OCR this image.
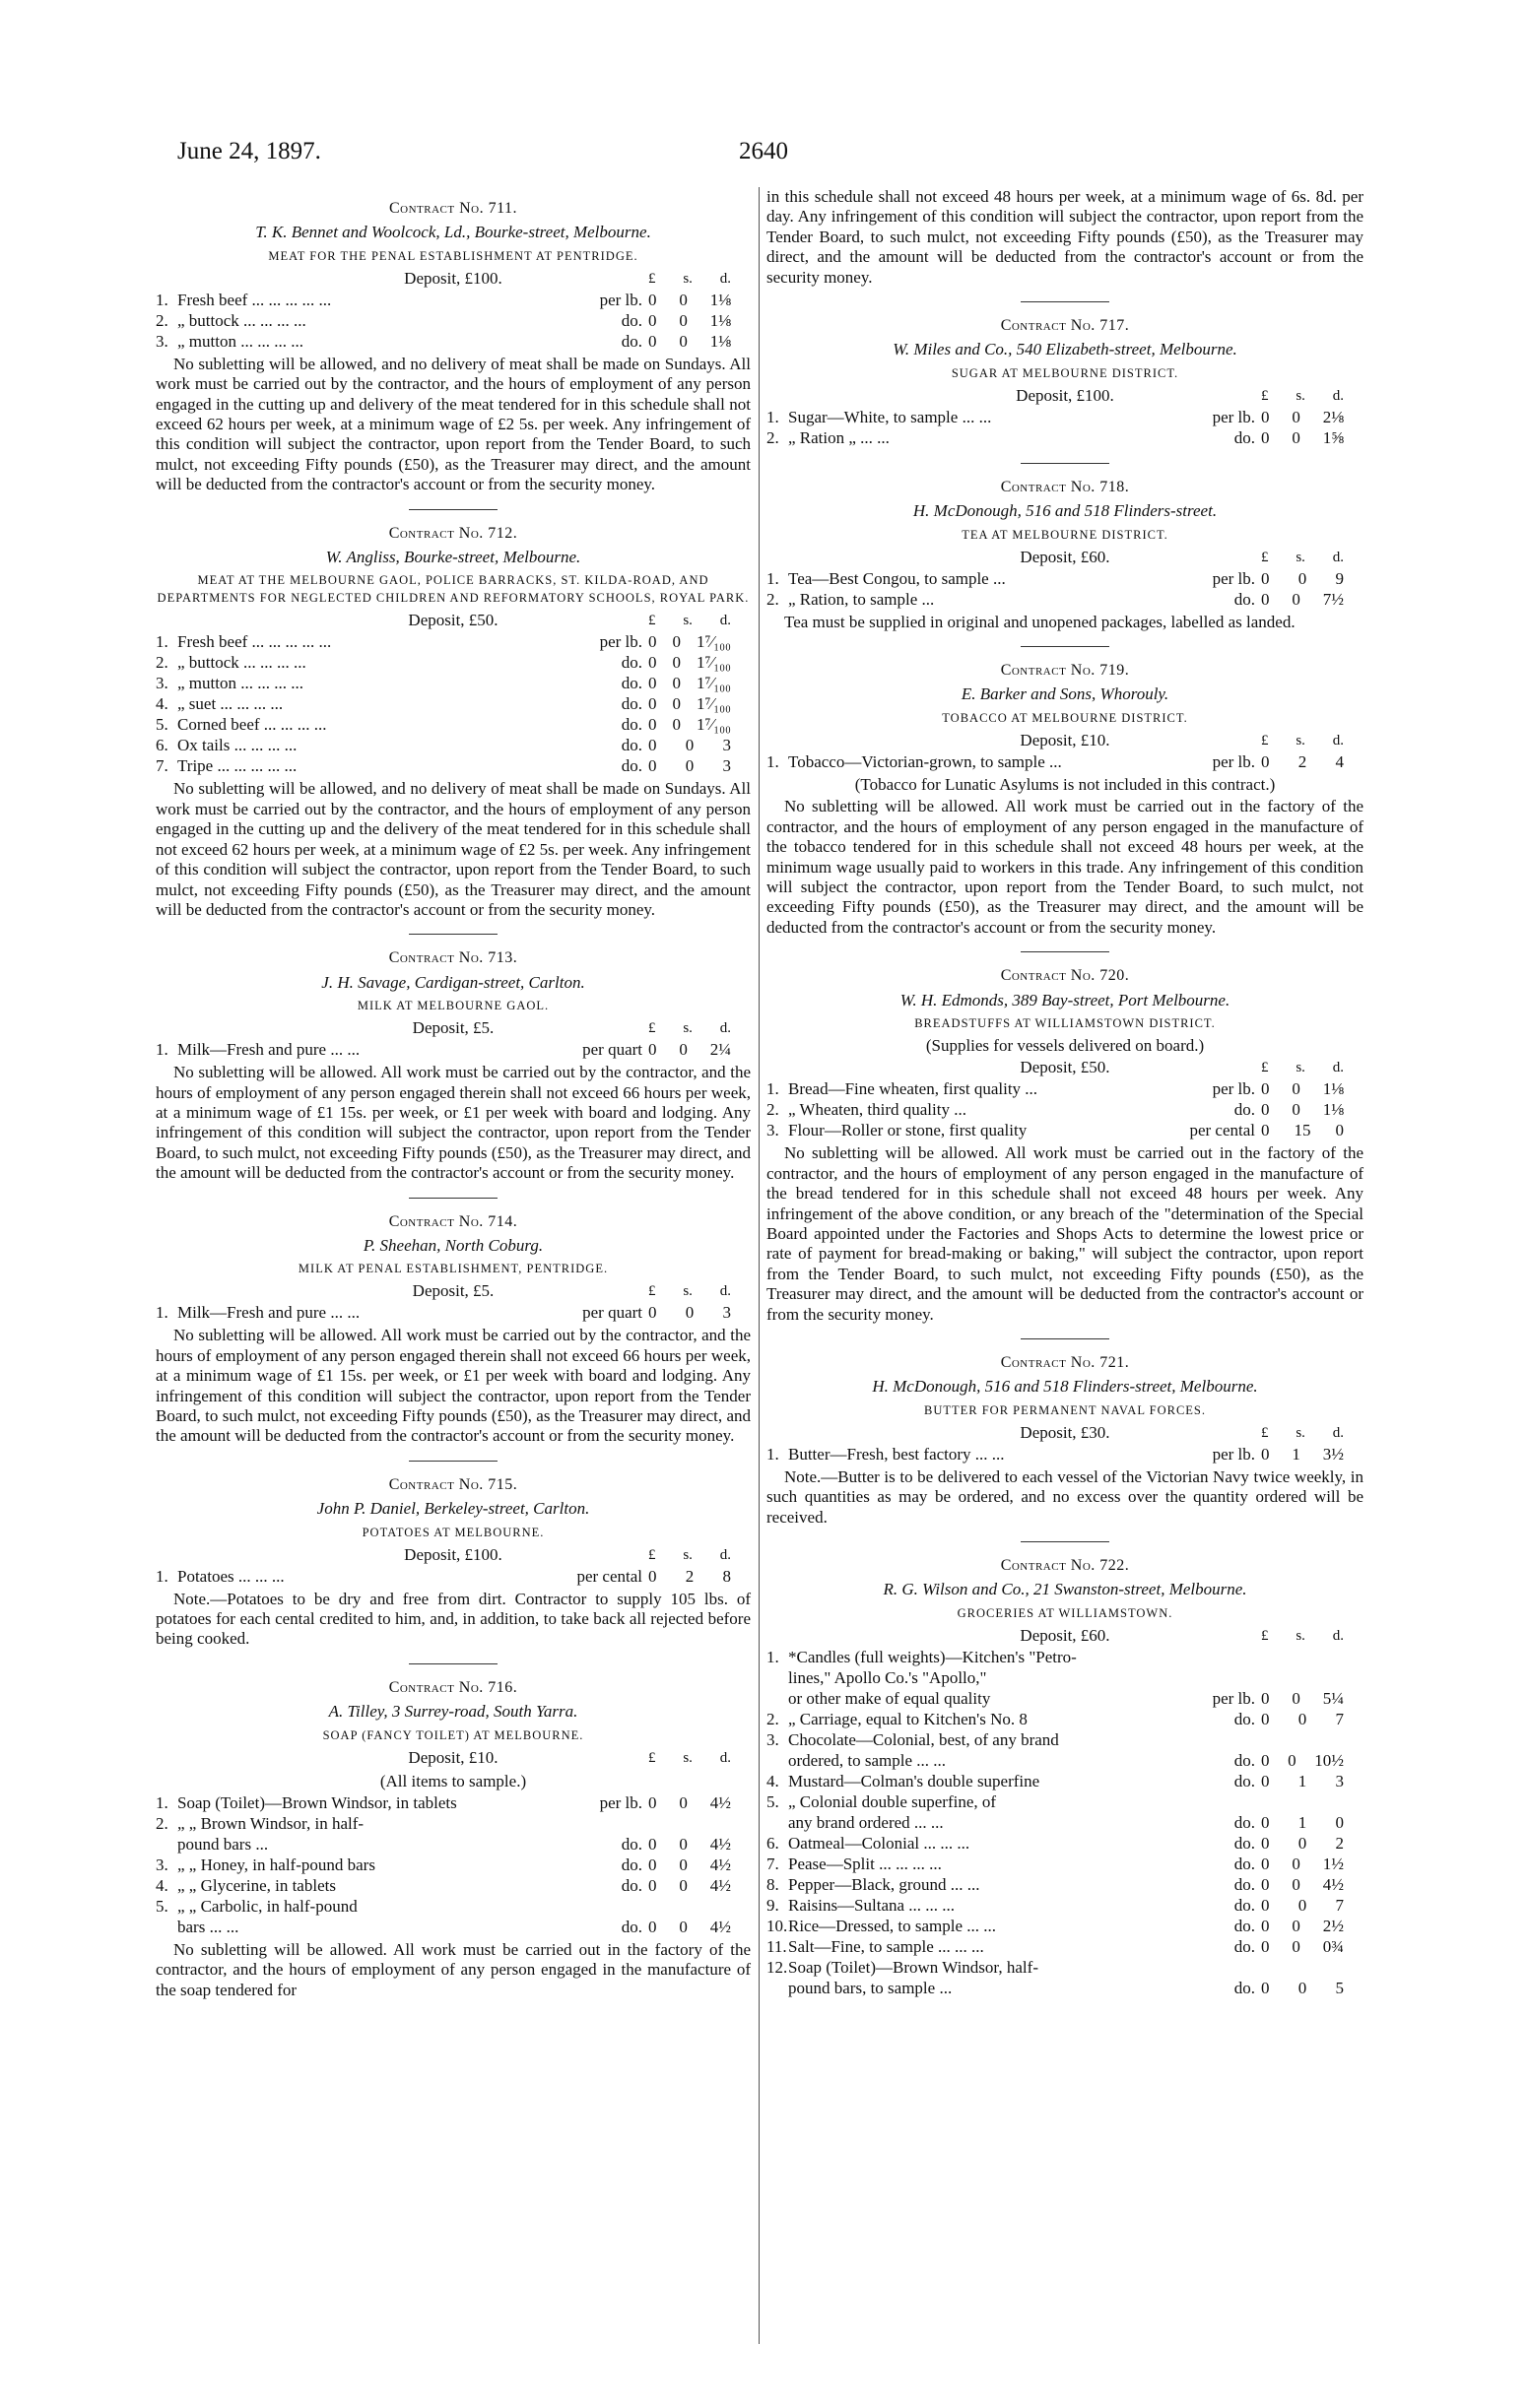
June 24, 1897.	2640
Contract No. 711.
T. K. Bennet and Woolcock, Ld., Bourke-street, Melbourne.
MEAT FOR THE PENAL ESTABLISHMENT AT PENTRIDGE.
Deposit, £100.	£ s. d.
1. Fresh beef ... ... ... ... ...	per lb. 0 0 1⅛
2. „ buttock ... ... ... ...	do. 0 0 1⅛
3. „ mutton ... ... ... ...	do. 0 0 1⅛
No subletting will be allowed, and no delivery of meat shall be made on Sundays. All work must be carried out by the contractor, and the hours of employment of any person engaged in the cutting up and delivery of the meat tendered for in this schedule shall not exceed 62 hours per week, at a minimum wage of £2 5s. per week. Any infringement of this condition will subject the contractor, upon report from the Tender Board, to such mulct, not exceeding Fifty pounds (£50), as the Treasurer may direct, and the amount will be deducted from the contractor's account or from the security money.
Contract No. 712.
W. Angliss, Bourke-street, Melbourne.
MEAT AT THE MELBOURNE GAOL, POLICE BARRACKS, ST. KILDA-ROAD, AND DEPARTMENTS FOR NEGLECTED CHILDREN AND REFORMATORY SCHOOLS, ROYAL PARK.
Deposit, £50.	£ s. d.
1. Fresh beef ... ... ... ... ...	per lb. 0 0 1⁷⁄₁₀₀
2. „ buttock ... ... ... ...	do. 0 0 1⁷⁄₁₀₀
3. „ mutton ... ... ... ...	do. 0 0 1⁷⁄₁₀₀
4. „ suet ... ... ... ...	do. 0 0 1⁷⁄₁₀₀
5. Corned beef ... ... ... ...	do. 0 0 1⁷⁄₁₀₀
6. Ox tails ... ... ... ...	do. 0 0 3
7. Tripe ... ... ... ... ...	do. 0 0 3
No subletting will be allowed, and no delivery of meat shall be made on Sundays. All work must be carried out by the contractor, and the hours of employment of any person engaged in the cutting up and the delivery of the meat tendered for in this schedule shall not exceed 62 hours per week, at a minimum wage of £2 5s. per week. Any infringement of this condition will subject the contractor, upon report from the Tender Board, to such mulct, not exceeding Fifty pounds (£50), as the Treasurer may direct, and the amount will be deducted from the contractor's account or from the security money.
Contract No. 713.
J. H. Savage, Cardigan-street, Carlton.
MILK AT MELBOURNE GAOL.
Deposit, £5.	£ s. d.
1. Milk—Fresh and pure ... ...	per quart 0 0 2¼
No subletting will be allowed. All work must be carried out by the contractor, and the hours of employment of any person engaged therein shall not exceed 66 hours per week, at a minimum wage of £1 15s. per week, or £1 per week with board and lodging. Any infringement of this condition will subject the contractor, upon report from the Tender Board, to such mulct, not exceeding Fifty pounds (£50), as the Treasurer may direct, and the amount will be deducted from the contractor's account or from the security money.
Contract No. 714.
P. Sheehan, North Coburg.
MILK AT PENAL ESTABLISHMENT, PENTRIDGE.
Deposit, £5.	£ s. d.
1. Milk—Fresh and pure ... ...	per quart 0 0 3
No subletting will be allowed. All work must be carried out by the contractor, and the hours of employment of any person engaged therein shall not exceed 66 hours per week, at a minimum wage of £1 15s. per week, or £1 per week with board and lodging. Any infringement of this condition will subject the contractor, upon report from the Tender Board, to such mulct, not exceeding Fifty pounds (£50), as the Treasurer may direct, and the amount will be deducted from the contractor's account or from the security money.
Contract No. 715.
John P. Daniel, Berkeley-street, Carlton.
POTATOES AT MELBOURNE.
Deposit, £100.	£ s. d.
1. Potatoes ... ... ...	per cental 0 2 8
Note.—Potatoes to be dry and free from dirt. Contractor to supply 105 lbs. of potatoes for each cental credited to him, and, in addition, to take back all rejected before being cooked.
Contract No. 716.
A. Tilley, 3 Surrey-road, South Yarra.
SOAP (FANCY TOILET) AT MELBOURNE.
Deposit, £10.	£ s. d.
(All items to sample.)
1. Soap (Toilet)—Brown Windsor, in tablets	per lb. 0 0 4½
2. „ „ Brown Windsor, in half-
pound bars ...	do. 0 0 4½
3. „ „ Honey, in half-pound bars	do. 0 0 4½
4. „ „ Glycerine, in tablets	do. 0 0 4½
5. „ „ Carbolic, in half-pound
bars ... ...	do. 0 0 4½
No subletting will be allowed. All work must be carried out in the factory of the contractor, and the hours of employment of any person engaged in the manufacture of the soap tendered for
in this schedule shall not exceed 48 hours per week, at a minimum wage of 6s. 8d. per day. Any infringement of this condition will subject the contractor, upon report from the Tender Board, to such mulct, not exceeding Fifty pounds (£50), as the Treasurer may direct, and the amount will be deducted from the contractor's account or from the security money.
Contract No. 717.
W. Miles and Co., 540 Elizabeth-street, Melbourne.
SUGAR AT MELBOURNE DISTRICT.
Deposit, £100.	£ s. d.
1. Sugar—White, to sample ... ...	per lb. 0 0 2⅛
2. „ Ration „ ... ...	do. 0 0 1⅝
Contract No. 718.
H. McDonough, 516 and 518 Flinders-street.
TEA AT MELBOURNE DISTRICT.
Deposit, £60.	£ s. d.
1. Tea—Best Congou, to sample ...	per lb. 0 0 9
2. „ Ration, to sample ...	do. 0 0 7½
Tea must be supplied in original and unopened packages, labelled as landed.
Contract No. 719.
E. Barker and Sons, Whoroulу.
TOBACCO AT MELBOURNE DISTRICT.
Deposit, £10.	£ s. d.
1. Tobacco—Victorian-grown, to sample ...	per lb. 0 2 4
(Tobacco for Lunatic Asylums is not included in this contract.)
No subletting will be allowed. All work must be carried out in the factory of the contractor, and the hours of employment of any person engaged in the manufacture of the tobacco tendered for in this schedule shall not exceed 48 hours per week, at the minimum wage usually paid to workers in this trade. Any infringement of this condition will subject the contractor, upon report from the Tender Board, to such mulct, not exceeding Fifty pounds (£50), as the Treasurer may direct, and the amount will be deducted from the contractor's account or from the security money.
Contract No. 720.
W. H. Edmonds, 389 Bay-street, Port Melbourne.
BREADSTUFFS AT WILLIAMSTOWN DISTRICT.
(Supplies for vessels delivered on board.)
Deposit, £50.	£ s. d.
1. Bread—Fine wheaten, first quality ...	per lb. 0 0 1⅛
2. „ Wheaten, third quality ...	do. 0 0 1⅛
3. Flour—Roller or stone, first quality	per cental 0 15 0
No subletting will be allowed. All work must be carried out in the factory of the contractor, and the hours of employment of any person engaged in the manufacture of the bread tendered for in this schedule shall not exceed 48 hours per week. Any infringement of the above condition, or any breach of the "determination of the Special Board appointed under the Factories and Shops Acts to determine the lowest price or rate of payment for bread-making or baking," will subject the contractor, upon report from the Tender Board, to such mulct, not exceeding Fifty pounds (£50), as the Treasurer may direct, and the amount will be deducted from the contractor's account or from the security money.
Contract No. 721.
H. McDonough, 516 and 518 Flinders-street, Melbourne.
BUTTER FOR PERMANENT NAVAL FORCES.
Deposit, £30.	£ s. d.
1. Butter—Fresh, best factory ... ...	per lb. 0 1 3½
Note.—Butter is to be delivered to each vessel of the Victorian Navy twice weekly, in such quantities as may be ordered, and no excess over the quantity ordered will be received.
Contract No. 722.
R. G. Wilson and Co., 21 Swanston-street, Melbourne.
GROCERIES AT WILLIAMSTOWN.
Deposit, £60.	£ s. d.
1. *Candles (full weights)—Kitchen's "Petro-
lines," Apollo Co.'s "Apollo,"
or other make of equal quality	per lb. 0 0 5¼
2. „ Carriage, equal to Kitchen's No. 8	do. 0 0 7
3. Chocolate—Colonial, best, of any brand
ordered, to sample ... ...	do. 0 0 10½
4. Mustard—Colman's double superfine	do. 0 1 3
5. „ Colonial double superfine, of
any brand ordered ... ...	do. 0 1 0
6. Oatmeal—Colonial ... ... ...	do. 0 0 2
7. Pease—Split ... ... ... ...	do. 0 0 1½
8. Pepper—Black, ground ... ...	do. 0 0 4½
9. Raisins—Sultana ... ... ...	do. 0 0 7
10. Rice—Dressed, to sample ... ...	do. 0 0 2½
11. Salt—Fine, to sample ... ... ...	do. 0 0 0¾
12. Soap (Toilet)—Brown Windsor, half-
pound bars, to sample ...	do. 0 0 5
